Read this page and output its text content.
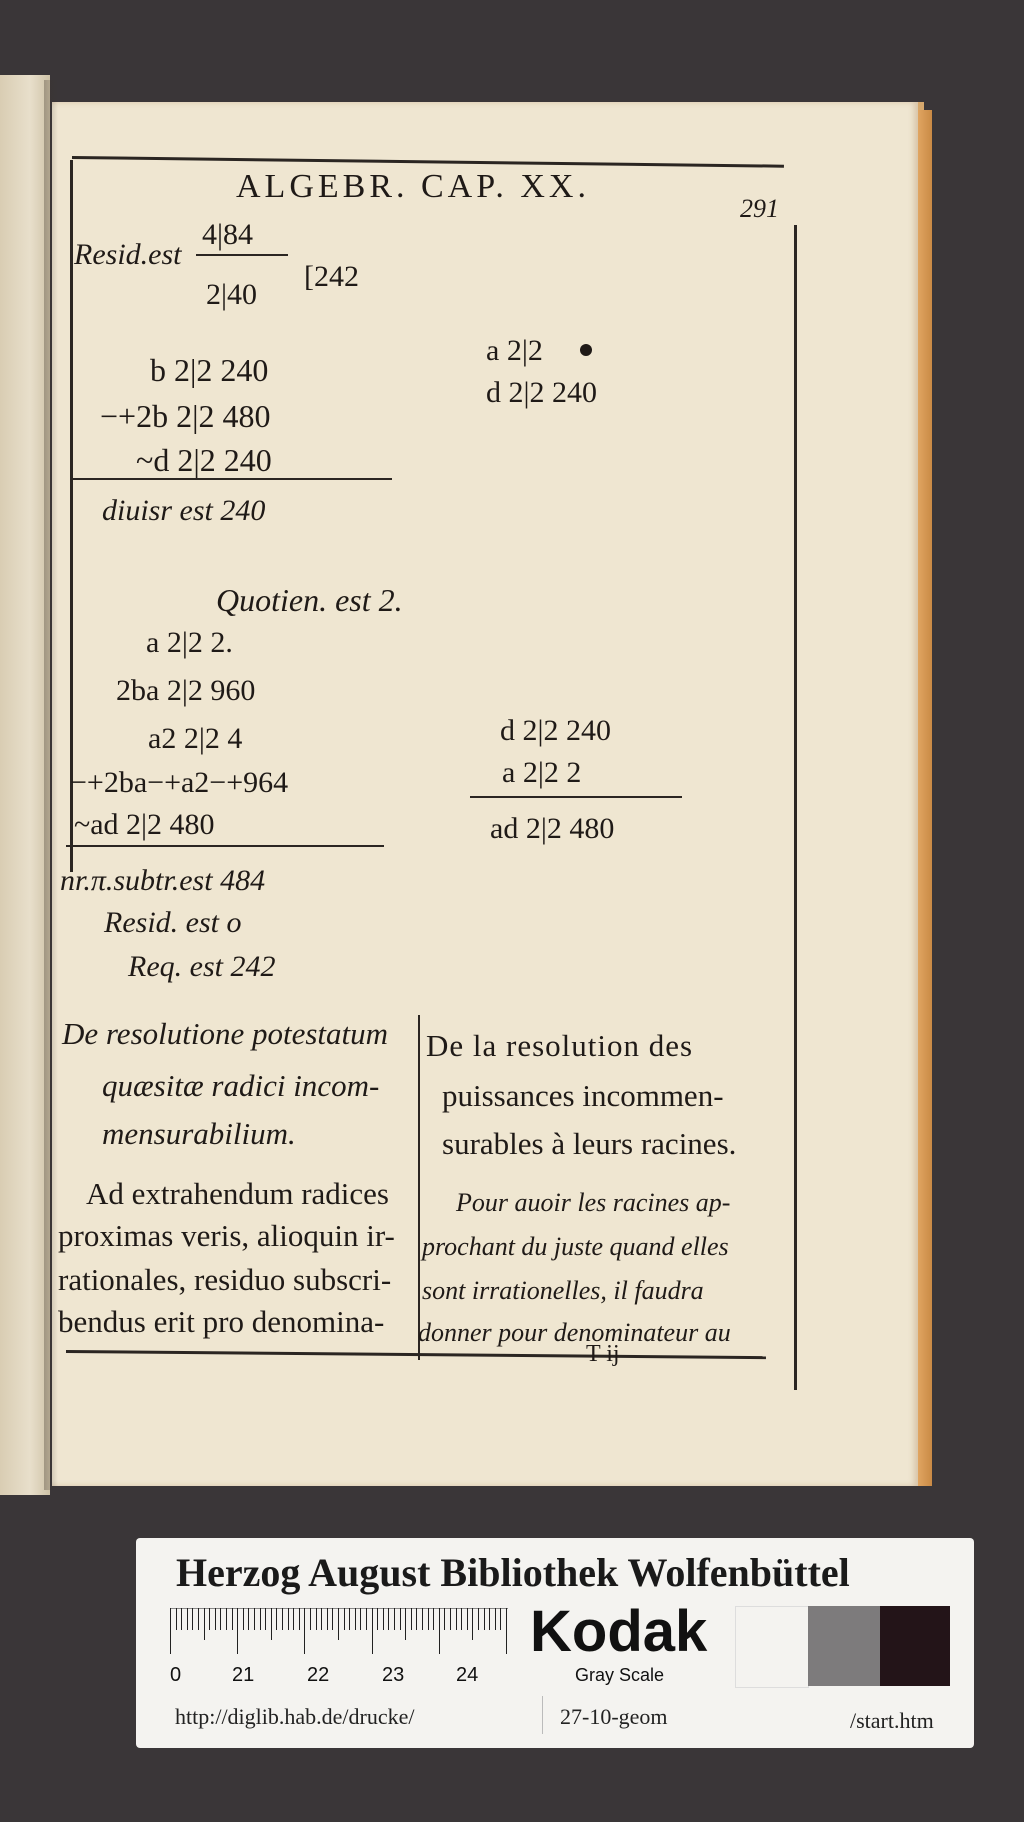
ALGEBR. CAP. XX.
291
Resid.est
4|84
2|40
[242
b 2|2 240
−+2b 2|2 480
~d 2|2 240
diuisr est 240
Quotien. est 2.
a 2|2 2.
2ba 2|2 960
a2 2|2 4
−+2ba−+a2−+964
~ad 2|2 480
nr.π.subtr.est 484
Resid. est o
Req. est 242
a 2|2
d 2|2 240
d 2|2 240
a 2|2 2
ad 2|2 480
De resolutione potestatum
quæsitæ radici incom-
mensurabilium.
Ad extrahendum radices
proximas veris, alioquin ir-
rationales, residuo subscri-
bendus erit pro denomina-
De la resolution des
puissances incommen-
surables à leurs racines.
Pour auoir les racines ap-
prochant du juste quand elles
sont irrationelles, il faudra
donner pour denominateur au
T ij
Herzog August Bibliothek Wolfenbüttel
0	21	22	23	24
Kodak
Gray Scale
http://diglib.hab.de/drucke/	27-10-geom	/start.htm
